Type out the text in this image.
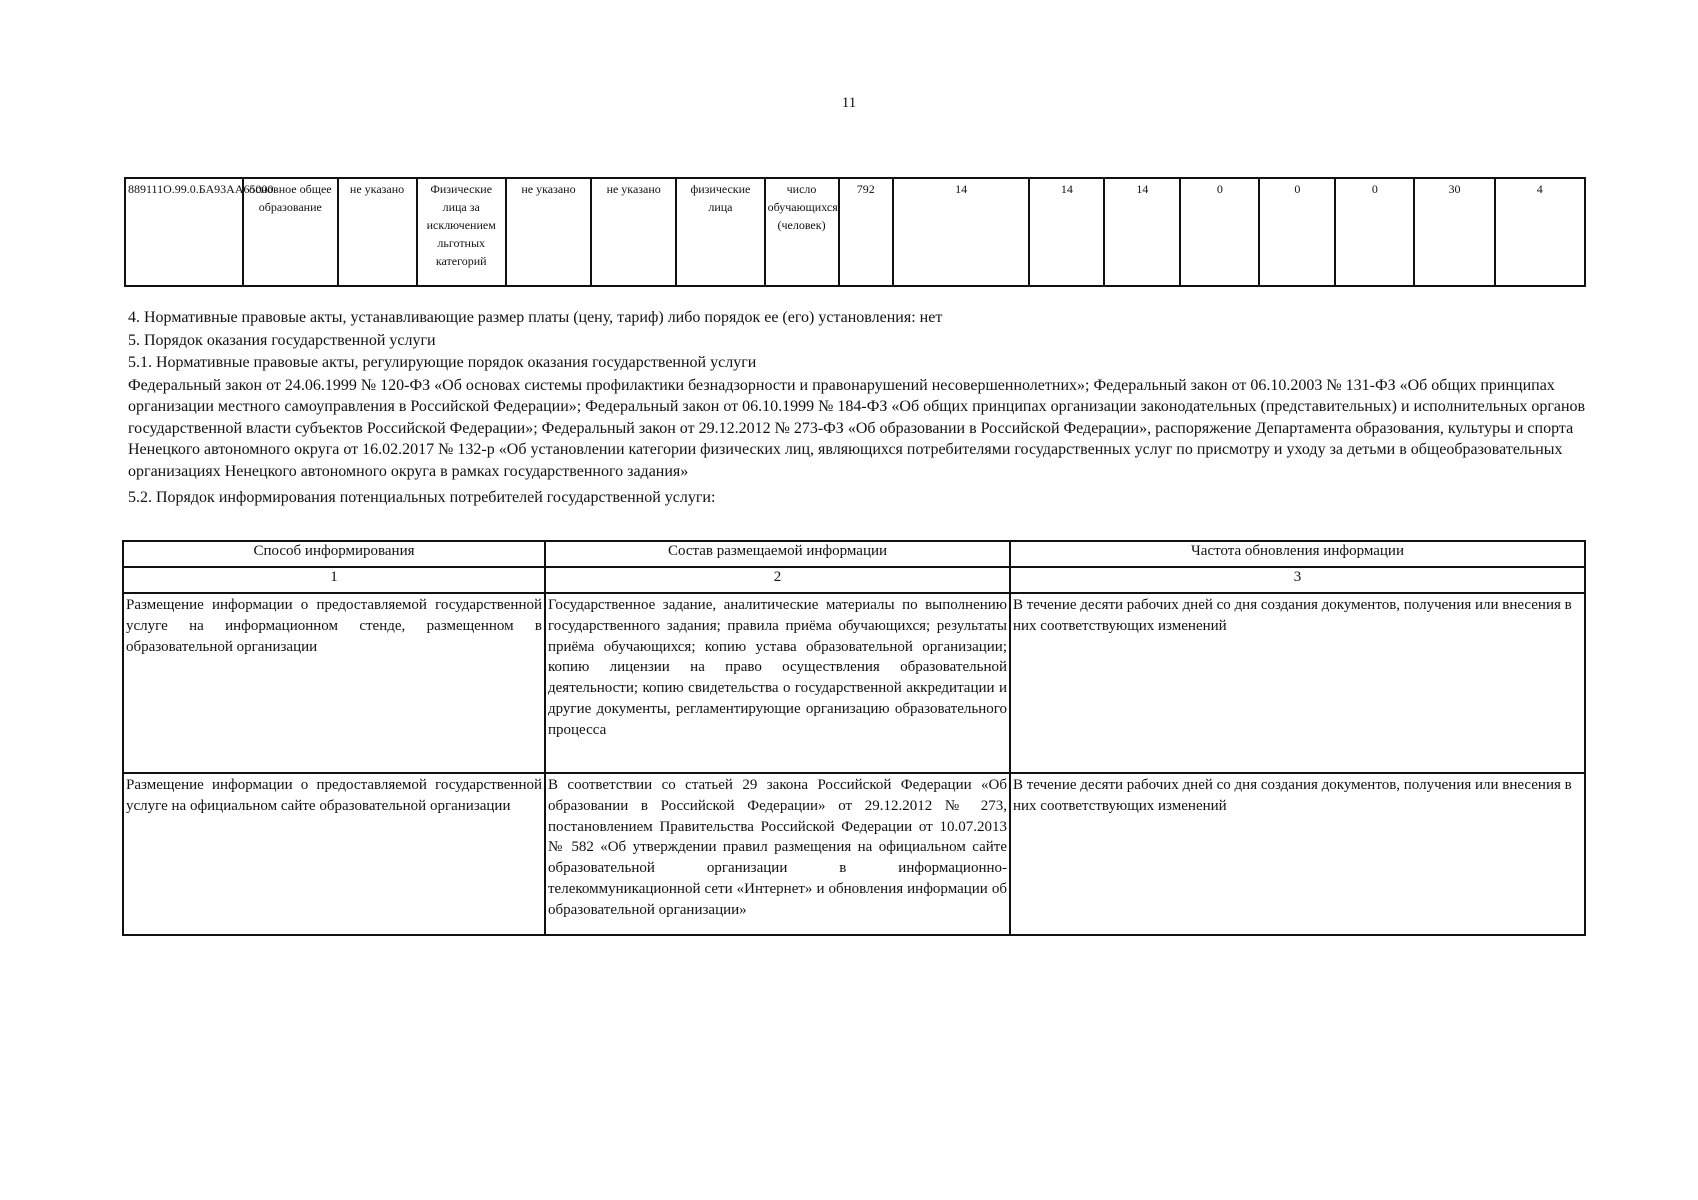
11
889111О.99.0.БА93АА65000	основное общее образование	не указано	Физические лица за исключением льготных категорий	не указано	не указано	физические лица	число обучающихся (человек)	792	14	14	14	0	0	0	30	4

4. Нормативные правовые акты, устанавливающие размер платы (цену, тариф) либо порядок ее (его) установления: нет

5. Порядок оказания государственной услуги

5.1. Нормативные правовые акты, регулирующие порядок оказания государственной услуги

Федеральный закон от 24.06.1999 № 120-ФЗ «Об основах системы профилактики безнадзорности и правонарушений несовершеннолетних»; Федеральный закон от 06.10.2003 № 131-ФЗ «Об общих принципах организации местного самоуправления в Российской Федерации»; Федеральный закон от 06.10.1999 № 184-ФЗ «Об общих принципах организации законодательных (представительных) и исполнительных органов государственной власти субъектов Российской Федерации»; Федеральный закон от 29.12.2012 № 273-ФЗ «Об образовании в Российской Федерации», распоряжение Департамента образования, культуры и спорта Ненецкого автономного округа от 16.02.2017 № 132-р «Об установлении категории физических лиц, являющихся потребителями государственных услуг по присмотру и уходу за детьми в общеобразовательных организациях Ненецкого автономного округа в рамках государственного задания»

5.2. Порядок информирования потенциальных потребителей государственной услуги:

Способ информирования	Состав размещаемой информации	Частота обновления информации
1	2	3
Размещение информации о предоставляемой государственной услуге на информационном стенде, размещенном в образовательной организации	Государственное задание, аналитические материалы по выполнению государственного задания; правила приёма обучающихся; результаты приёма обучающихся; копию устава образовательной организации; копию лицензии на право осуществления образовательной деятельности; копию свидетельства о государственной аккредитации и другие документы, регламентирующие организацию образовательного процесса	В течение десяти рабочих дней со дня создания документов, получения или внесения в них соответствующих изменений
Размещение информации о предоставляемой государственной услуге на официальном сайте образовательной организации	В соответствии со статьей 29 закона Российской Федерации «Об образовании в Российской Федерации» от 29.12.2012 № 273, постановлением Правительства Российской Федерации от 10.07.2013 № 582 «Об утверждении правил размещения на официальном сайте образовательной организации в информационно-телекоммуникационной сети «Интернет» и обновления информации об образовательной организации»	В течение десяти рабочих дней со дня создания документов, получения или внесения в них соответствующих изменений
